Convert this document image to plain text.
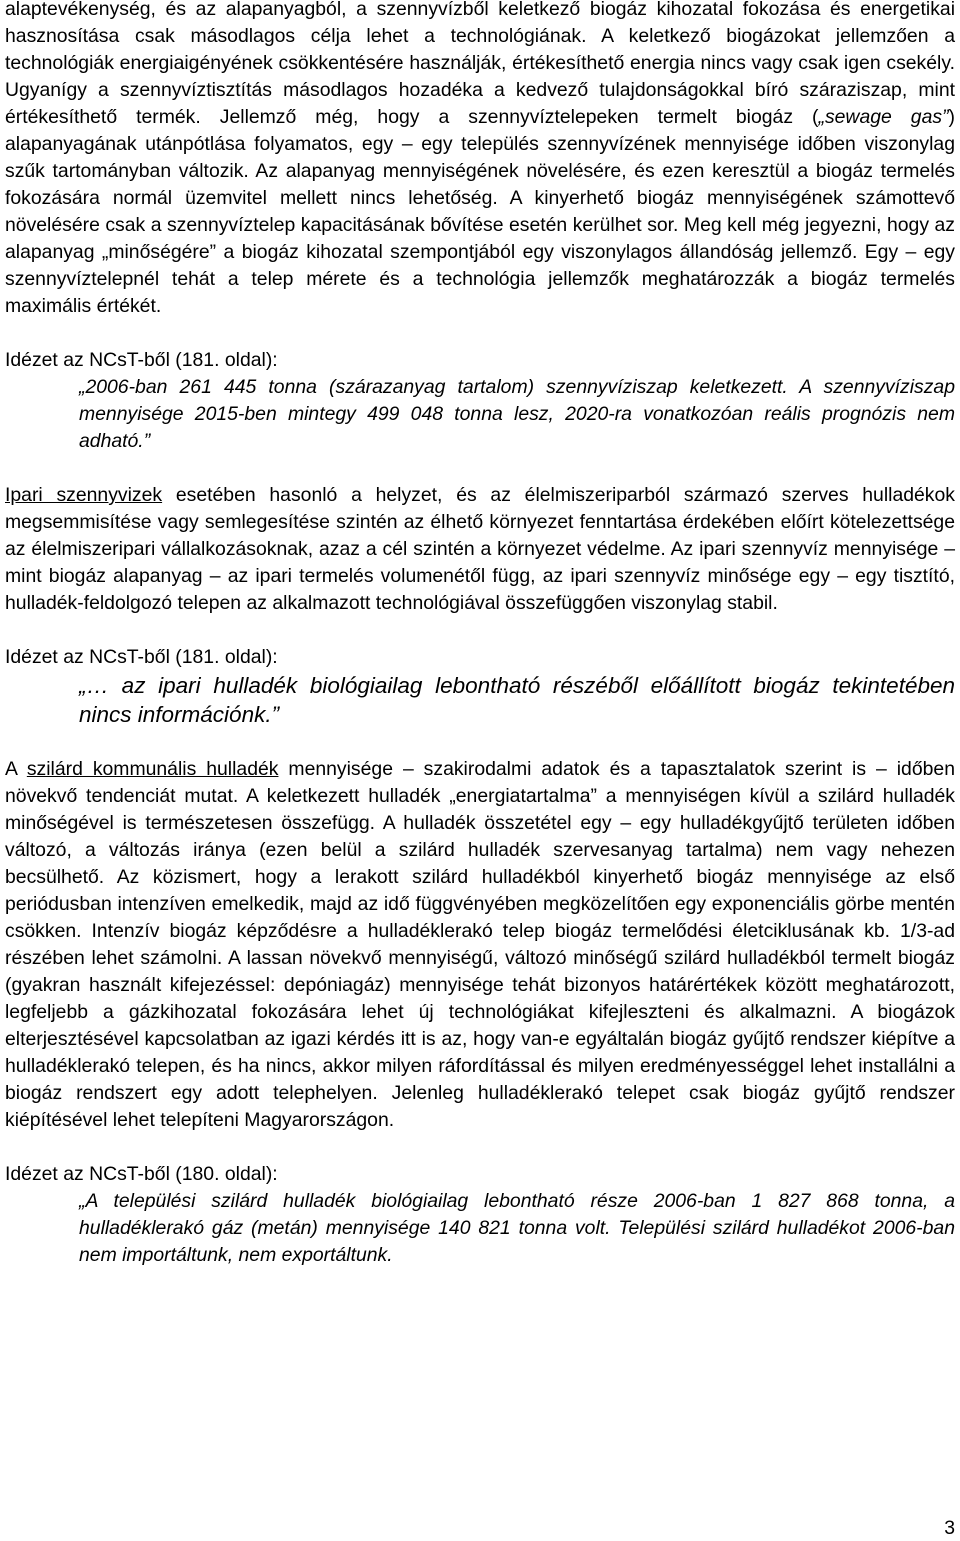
alaptevékenység, és az alapanyagból, a szennyvízből keletkező biogáz kihozatal fokozása és energetikai hasznosítása csak másodlagos célja lehet a technológiának. A keletkező biogázokat jellemzően a technológiák energiaigényének csökkentésére használják, értékesíthető energia nincs vagy csak igen csekély. Ugyanígy a szennyvíztisztítás másodlagos hozadéka a kedvező tulajdonságokkal bíró száraziszap, mint értékesíthető termék. Jellemző még, hogy a szennyvíztelepeken termelt biogáz („sewage gas”) alapanyagának utánpótlása folyamatos, egy – egy település szennyvízének mennyisége időben viszonylag szűk tartományban változik. Az alapanyag mennyiségének növelésére, és ezen keresztül a biogáz termelés fokozására normál üzemvitel mellett nincs lehetőség. A kinyerhető biogáz mennyiségének számottevő növelésére csak a szennyvíztelep kapacitásának bővítése esetén kerülhet sor. Meg kell még jegyezni, hogy az alapanyag „minőségére” a biogáz kihozatal szempontjából egy viszonylagos állandóság jellemző. Egy – egy szennyvíztelepnél tehát a telep mérete és a technológia jellemzők meghatározzák a biogáz termelés maximális értékét.

Idézet az NCsT-ből (181. oldal):

„2006-ban 261 445 tonna (szárazanyag tartalom) szennyvíziszap keletkezett. A szennyvíziszap mennyisége 2015-ben mintegy 499 048 tonna lesz, 2020-ra vonatkozóan reális prognózis nem adható.”

Ipari szennyvizek esetében hasonló a helyzet, és az élelmiszeriparból származó szerves hulladékok megsemmisítése vagy semlegesítése szintén az élhető környezet fenntartása érdekében előírt kötelezettsége az élelmiszeripari vállalkozásoknak, azaz a cél szintén a környezet védelme. Az ipari szennyvíz mennyisége – mint biogáz alapanyag – az ipari termelés volumenétől függ, az ipari szennyvíz minősége egy – egy tisztító, hulladék-feldolgozó telepen az alkalmazott technológiával összefüggően viszonylag stabil.

Idézet az NCsT-ből (181. oldal):

„… az ipari hulladék biológiailag lebontható részéből előállított biogáz tekintetében nincs információnk.”

A szilárd kommunális hulladék mennyisége – szakirodalmi adatok és a tapasztalatok szerint is – időben növekvő tendenciát mutat. A keletkezett hulladék „energiatartalma” a mennyiségen kívül a szilárd hulladék minőségével is természetesen összefügg. A hulladék összetétel egy – egy hulladékgyűjtő területen időben változó, a változás iránya (ezen belül a szilárd hulladék szervesanyag tartalma) nem vagy nehezen becsülhető. Az közismert, hogy a lerakott szilárd hulladékból kinyerhető biogáz mennyisége az első periódusban intenzíven emelkedik, majd az idő függvényében megközelítően egy exponenciális görbe mentén csökken. Intenzív biogáz képződésre a hulladéklerakó telep biogáz termelődési életciklusának kb. 1/3-ad részében lehet számolni. A lassan növekvő mennyiségű, változó minőségű szilárd hulladékból termelt biogáz (gyakran használt kifejezéssel: depóniagáz) mennyisége tehát bizonyos határértékek között meghatározott, legfeljebb a gázkihozatal fokozására lehet új technológiákat kifejleszteni és alkalmazni. A biogázok elterjesztésével kapcsolatban az igazi kérdés itt is az, hogy van-e egyáltalán biogáz gyűjtő rendszer kiépítve a hulladéklerakó telepen, és ha nincs, akkor milyen ráfordítással és milyen eredményességgel lehet installálni a biogáz rendszert egy adott telephelyen. Jelenleg hulladéklerakó telepet csak biogáz gyűjtő rendszer kiépítésével lehet telepíteni Magyarországon.

Idézet az NCsT-ből (180. oldal):

„A települési szilárd hulladék biológiailag lebontható része 2006-ban 1 827 868 tonna, a hulladéklerakó gáz (metán) mennyisége 140 821 tonna volt. Települési szilárd hulladékot 2006-ban nem importáltunk, nem exportáltunk.

3
